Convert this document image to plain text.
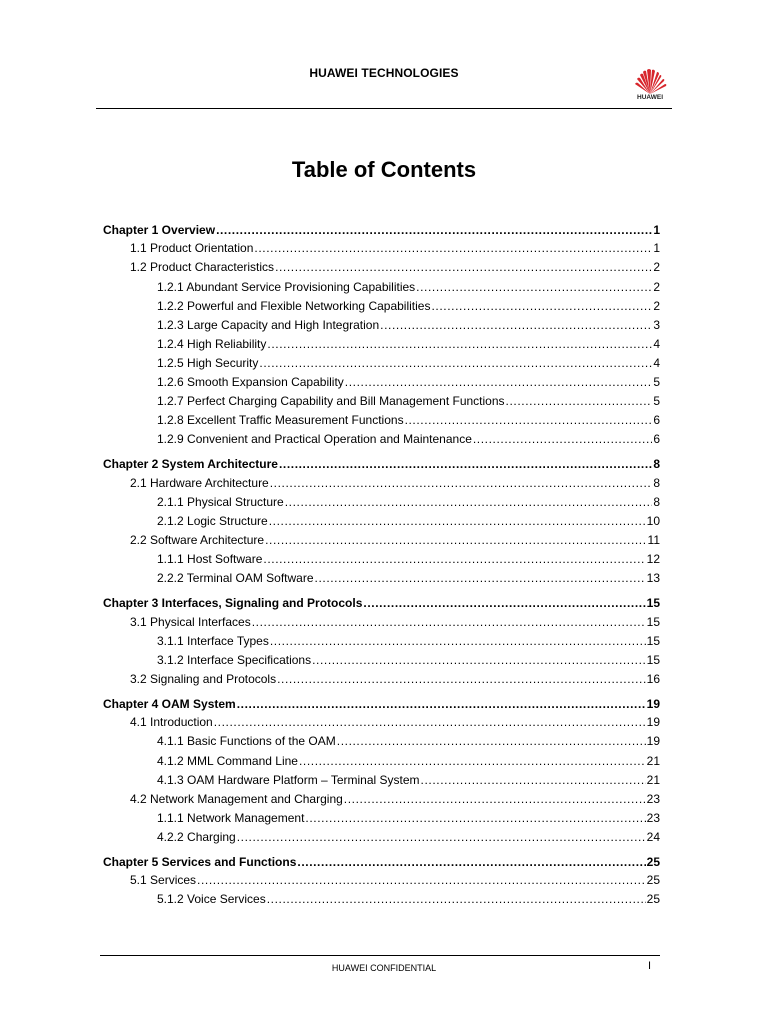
HUAWEI TECHNOLOGIES
HUAWEI
Table of Contents
Chapter 1 Overview .....	1
1.1 Product Orientation .....	1
1.2 Product Characteristics .....	2
1.2.1 Abundant Service Provisioning Capabilities .....	2
1.2.2 Powerful and Flexible Networking Capabilities .....	2
1.2.3 Large Capacity and High Integration .....	3
1.2.4 High Reliability .....	4
1.2.5 High Security .....	4
1.2.6 Smooth Expansion Capability .....	5
1.2.7 Perfect Charging Capability and Bill Management Functions .....	5
1.2.8 Excellent Traffic Measurement Functions .....	6
1.2.9 Convenient and Practical Operation and Maintenance .....	6
Chapter 2 System Architecture .....	8
2.1 Hardware Architecture .....	8
2.1.1 Physical Structure .....	8
2.1.2 Logic Structure .....	10
2.2 Software Architecture .....	11
1.1.1 Host Software .....	12
2.2.2 Terminal OAM Software .....	13
Chapter 3 Interfaces, Signaling and Protocols .....	15
3.1 Physical Interfaces .....	15
3.1.1 Interface Types .....	15
3.1.2 Interface Specifications .....	15
3.2 Signaling and Protocols .....	16
Chapter 4 OAM System .....	19
4.1 Introduction .....	19
4.1.1 Basic Functions of the OAM .....	19
4.1.2 MML Command Line .....	21
4.1.3 OAM Hardware Platform – Terminal System .....	21
4.2 Network Management and Charging .....	23
1.1.1 Network Management .....	23
4.2.2 Charging .....	24
Chapter 5 Services and Functions .....	25
5.1 Services .....	25
5.1.2 Voice Services .....	25
HUAWEI CONFIDENTIAL	I
